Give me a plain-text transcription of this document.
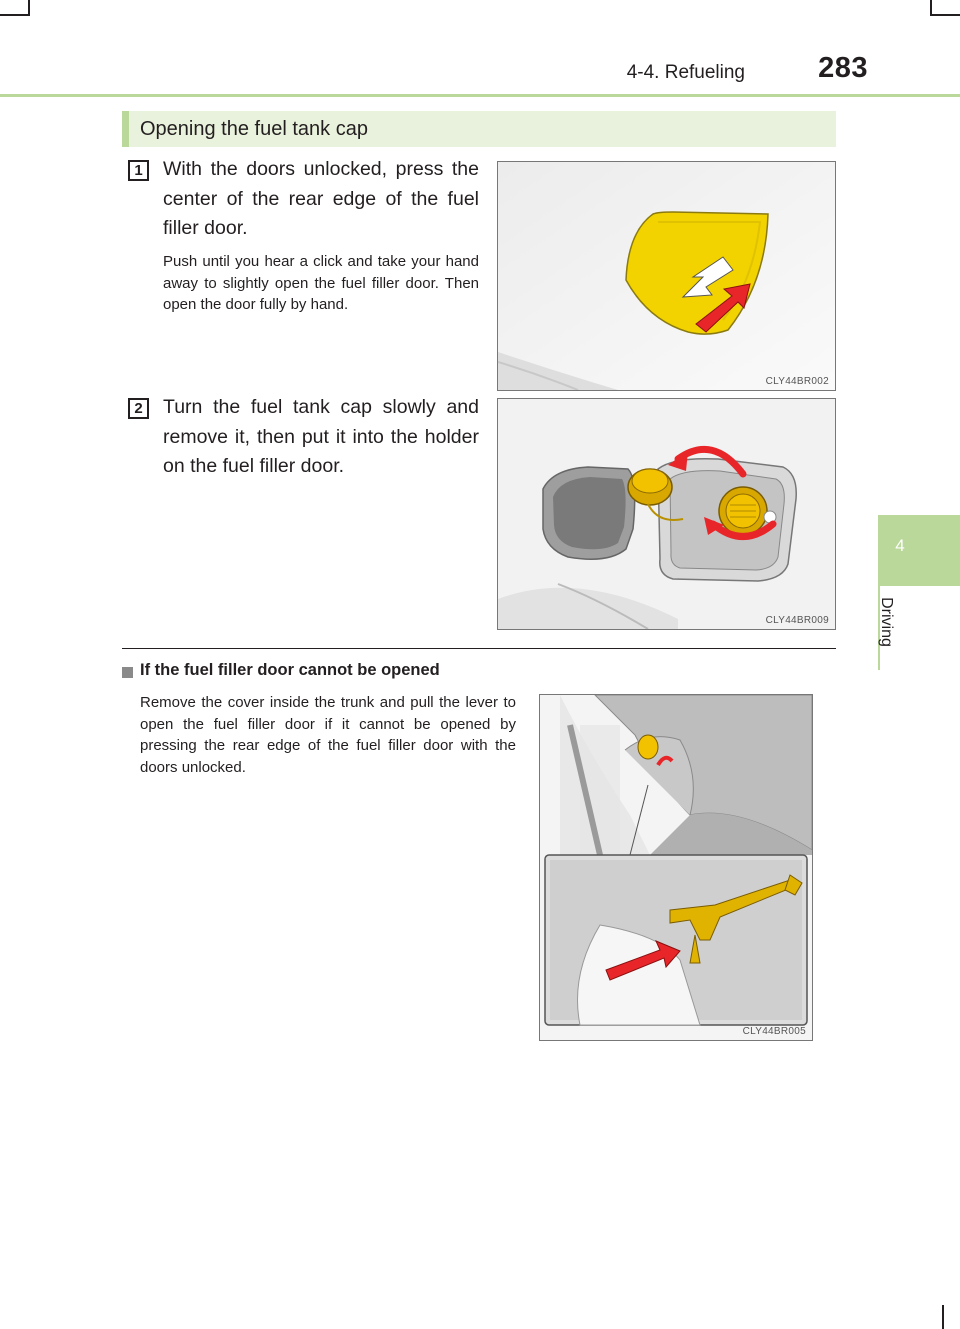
4-4. Refueling	283
4
Driving
Opening the fuel tank cap
1	With the doors unlocked, press the center of the rear edge of the fuel filler door.
Push until you hear a click and take your hand away to slightly open the fuel filler door. Then open the door fully by hand.
CLY44BR002
2	Turn the fuel tank cap slowly and remove it, then put it into the holder on the fuel filler door.
CLY44BR009
If the fuel filler door cannot be opened
Remove the cover inside the trunk and pull the lever to open the fuel filler door if it cannot be opened by pressing the rear edge of the fuel filler door with the doors unlocked.
CLY44BR005
